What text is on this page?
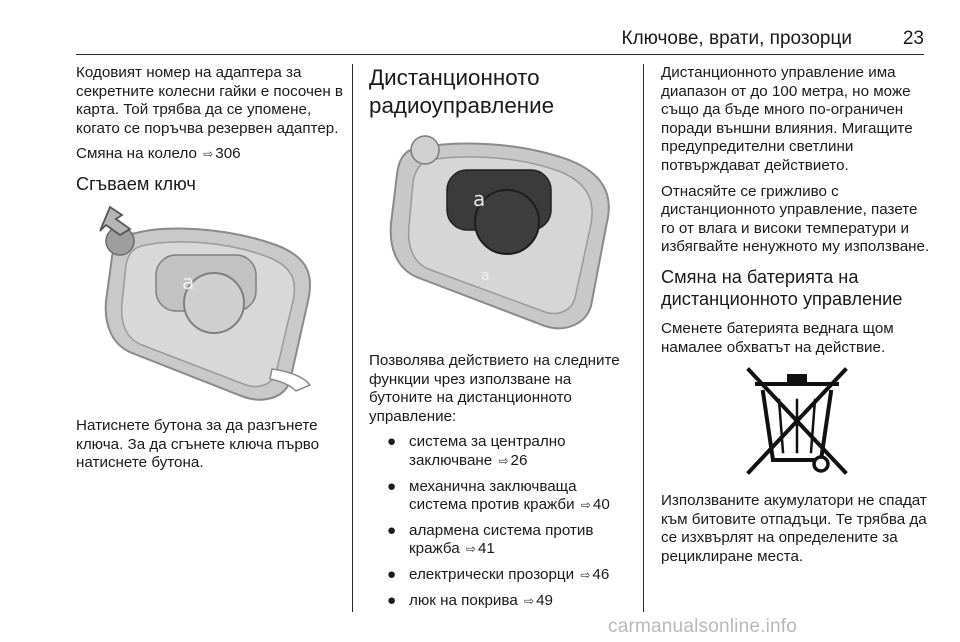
Ключове, врати, прозорци	23

Кодовият номер на адаптера за секретните колесни гайки е посочен в карта. Той трябва да се упомене, когато се поръчва резервен адаптер.

Смяна на колело ⇨ 306

Сгъваем ключ
a

Натиснете бутона за да разгънете ключа. За да сгънете ключа първо натиснете бутона.

Дистанционното
радиоуправление
a
a

Позволява действието на следните функции чрез използване на бутоните на дистанционното управление:

● система за централно заключване ⇨ 26
● механична заключваща система против кражби ⇨ 40
● алармена система против кражба ⇨ 41
● електрически прозорци ⇨ 46
● люк на покрива ⇨ 49

Дистанционното управление има диапазон от до 100 метра, но може също да бъде много по-ограничен поради външни влияния. Мигащите предупредителни светлини потвърждават действието.

Отнасяйте се грижливо с дистанционното управление, пазете го от влага и високи температури и избягвайте ненужното му използване.

Смяна на батерията на дистанционното управление

Сменете батерията веднага щом намалее обхватът на действие.

Използваните акумулатори не спадат към битовите отпадъци. Те трябва да се изхвърлят на определените за рециклиране места.

carmanualsonline.info
